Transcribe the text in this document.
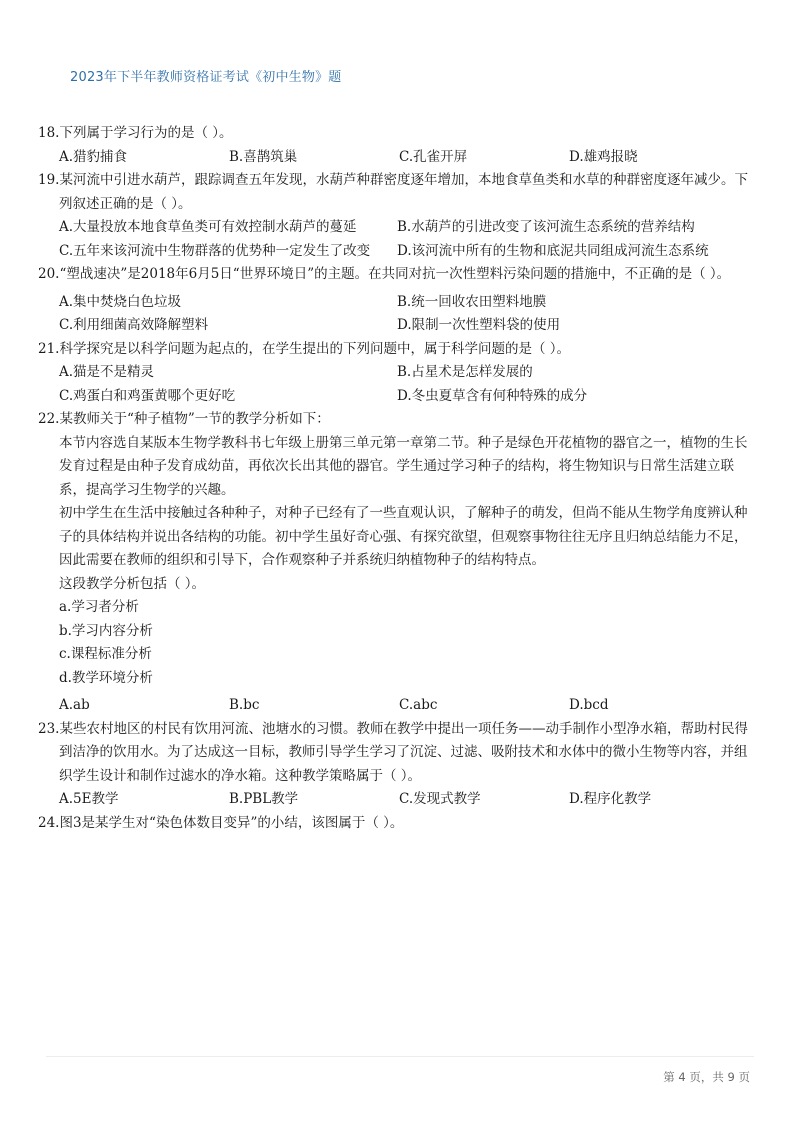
2023年下半年教师资格证考试《初中生物》题
18.下列属于学习行为的是（ ）。
A.猎豹捕食	B.喜鹊筑巢	C.孔雀开屏	D.雄鸡报晓
19.某河流中引进水葫芦，跟踪调查五年发现，水葫芦种群密度逐年增加，本地食草鱼类和水草的种群密度逐年减少。下列叙述正确的是（ ）。
A.大量投放本地食草鱼类可有效控制水葫芦的蔓延	B.水葫芦的引进改变了该河流生态系统的营养结构
C.五年来该河流中生物群落的优势种一定发生了改变	D.该河流中所有的生物和底泥共同组成河流生态系统
20.“塑战速决”是2018年6月5日“世界环境日”的主题。在共同对抗一次性塑料污染问题的措施中，不正确的是（ ）。
A.集中焚烧白色垃圾	B.统一回收农田塑料地膜
C.利用细菌高效降解塑料	D.限制一次性塑料袋的使用
21.科学探究是以科学问题为起点的，在学生提出的下列问题中，属于科学问题的是（ ）。
A.猫是不是精灵	B.占星术是怎样发展的
C.鸡蛋白和鸡蛋黄哪个更好吃	D.冬虫夏草含有何种特殊的成分
22.某教师关于“种子植物”一节的教学分析如下：
本节内容选自某版本生物学教科书七年级上册第三单元第一章第二节。种子是绿色开花植物的器官之一，植物的生长发育过程是由种子发育成幼苗，再依次长出其他的器官。学生通过学习种子的结构，将生物知识与日常生活建立联系，提高学习生物学的兴趣。
初中学生在生活中接触过各种种子，对种子已经有了一些直观认识，了解种子的萌发，但尚不能从生物学角度辨认种子的具体结构并说出各结构的功能。初中学生虽好奇心强、有探究欲望，但观察事物往往无序且归纳总结能力不足，因此需要在教师的组织和引导下，合作观察种子并系统归纳植物种子的结构特点。
这段教学分析包括（ ）。
a.学习者分析
b.学习内容分析
c.课程标准分析
d.教学环境分析
A.ab	B.bc	C.abc	D.bcd
23.某些农村地区的村民有饮用河流、池塘水的习惯。教师在教学中提出一项任务——动手制作小型净水箱，帮助村民得到洁净的饮用水。为了达成这一目标，教师引导学生学习了沉淀、过滤、吸附技术和水体中的微小生物等内容，并组织学生设计和制作过滤水的净水箱。这种教学策略属于（ ）。
A.5E教学	B.PBL教学	C.发现式教学	D.程序化教学
24.图3是某学生对“染色体数目变异”的小结，该图属于（ ）。
第 4 页，共 9 页
